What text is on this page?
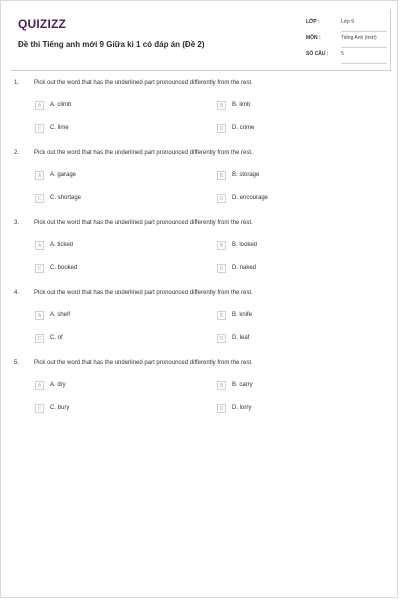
QUIZIZZ
Đề thi Tiếng anh mới 9 Giữa kì 1 có đáp án (Đề 2)
LỚP :	Lớp 9
MÔN :	Tiếng Anh (mới)
SỐ CÂU :	5
1. Pick out the word that has the underlined part pronounced differently from the rest.
A	A. climb	B	B. limb
C	C. lime	D	D. crime
2. Pick out the word that has the underlined part pronounced differently from the rest.
A	A. garage	B	B. storage
C	C. shortage	D	D. encourage
3. Pick out the word that has the underlined part pronounced differently from the rest.
A	A. ticked	B	B. looked
C	C. booked	D	D. naked
4. Pick out the word that has the underlined part pronounced differently from the rest.
A	A. shelf	B	B. knife
C	C. of	D	D. leaf
5. Pick out the word that has the underlined part pronounced differently from the rest.
A	A. dry	B	B. carry
C	C. bury	D	D. lorry
